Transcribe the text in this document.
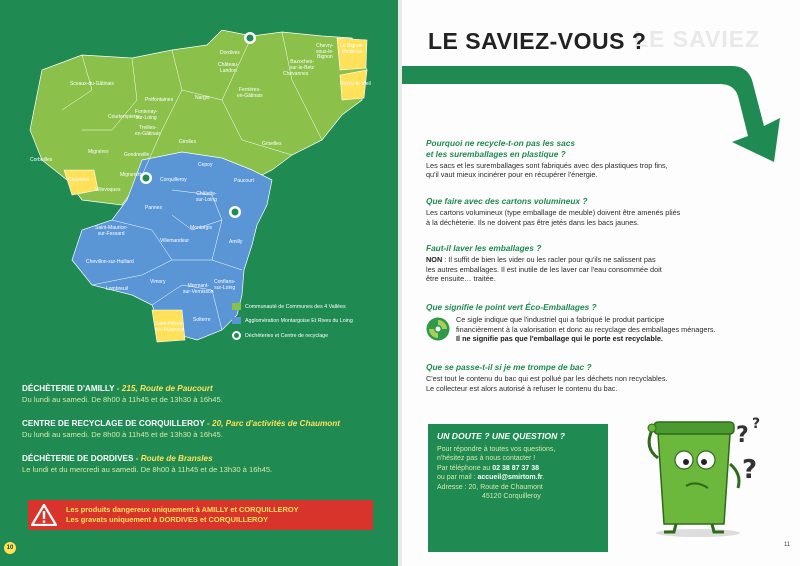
Dordives
Château-
Landon
Chevry-
sous-le-
Bignon
Le Bignon-
Mirabeau
Chevannes
Bazoches-
sur-le-Betz
Rozoy-le-Vieil
Sceaux-du-Gâtinais
Préfontaines
Fontenay-
sur-Loing
Ferrières-
en-Gâtinais
Nargis
Griselles
Courtempierre
Treilles-
en-Gâtinais
Corbeilles
Mignères	Gondreville
Mignerette
Girolles
Chapelon
Cepoy
Corquilleroy	Paucourt
Villevoques
Pannes
Châlette-
sur-Loing
Saint-Maurice-
sur-Fessard
Villemandeur
Montargis
Amilly
Chevillon-sur-Huillard
Lombreuil
Vimory
Mormant-
sur-Vernisson
Conflans-
sur-Loing
Solterre
Saint-Hilaire-
sur-Puiseaux
Communauté de Communes des 4 Vallées
Agglomération Montargoise Et Rives du Loing
Déchèteries et Centre de recyclage
DÉCHÈTERIE D'AMILLY - 215, Route de Paucourt
Du lundi au samedi. De 8h00 à 11h45 et de 13h30 à 16h45.
CENTRE DE RECYCLAGE DE CORQUILLEROY - 20, Parc d'activités de Chaumont
Du lundi au samedi. De 8h00 à 11h45 et de 13h30 à 16h45.
DÉCHÈTERIE DE DORDIVES - Route de Bransles
Le lundi et du mercredi au samedi. De 8h00 à 11h45 et de 13h30 à 16h45.
Les produits dangereux uniquement à AMILLY et CORQUILLEROY
Les gravats uniquement à DORDIVES et CORQUILLEROY
10
LE SAVIEZ
LE SAVIEZ-VOUS ?
Pourquoi ne recycle-t-on pas les sacs
et les suremballages en plastique ?
Les sacs et les suremballages sont fabriqués avec des plastiques trop fins,
qu'il vaut mieux incinérer pour en récupérer l'énergie.
Que faire avec des cartons volumineux ?
Les cartons volumineux (type emballage de meuble) doivent être amenés pliés
à la déchèterie. Ils ne doivent pas être jetés dans les bacs jaunes.
Faut-il laver les emballages ?
NON : Il suffit de bien les vider ou les racler pour qu'ils ne salissent pas
les autres emballages. Il est inutile de les laver car l'eau consommée doit
être ensuite… traitée.
Que signifie le point vert Éco-Emballages ?
Ce sigle indique que l'industriel qui a fabriqué le produit participe
financièrement à la valorisation et donc au recyclage des emballages ménagers.
Il ne signifie pas que l'emballage qui le porte est recyclable.
Que se passe-t-il si je me trompe de bac ?
C'est tout le contenu du bac qui est pollué par les déchets non recyclables.
Le collecteur est alors autorisé à refuser le contenu du bac.
UN DOUTE ? UNE QUESTION ?
Pour répondre à toutes vos questions,
n'hésitez pas à nous contacter !
Par téléphone au 02 38 87 37 38
ou par mail : accueil@smirtom.fr.
Adresse : 20, Route de Chaumont
45120 Corquilleroy
? ?
?
11
